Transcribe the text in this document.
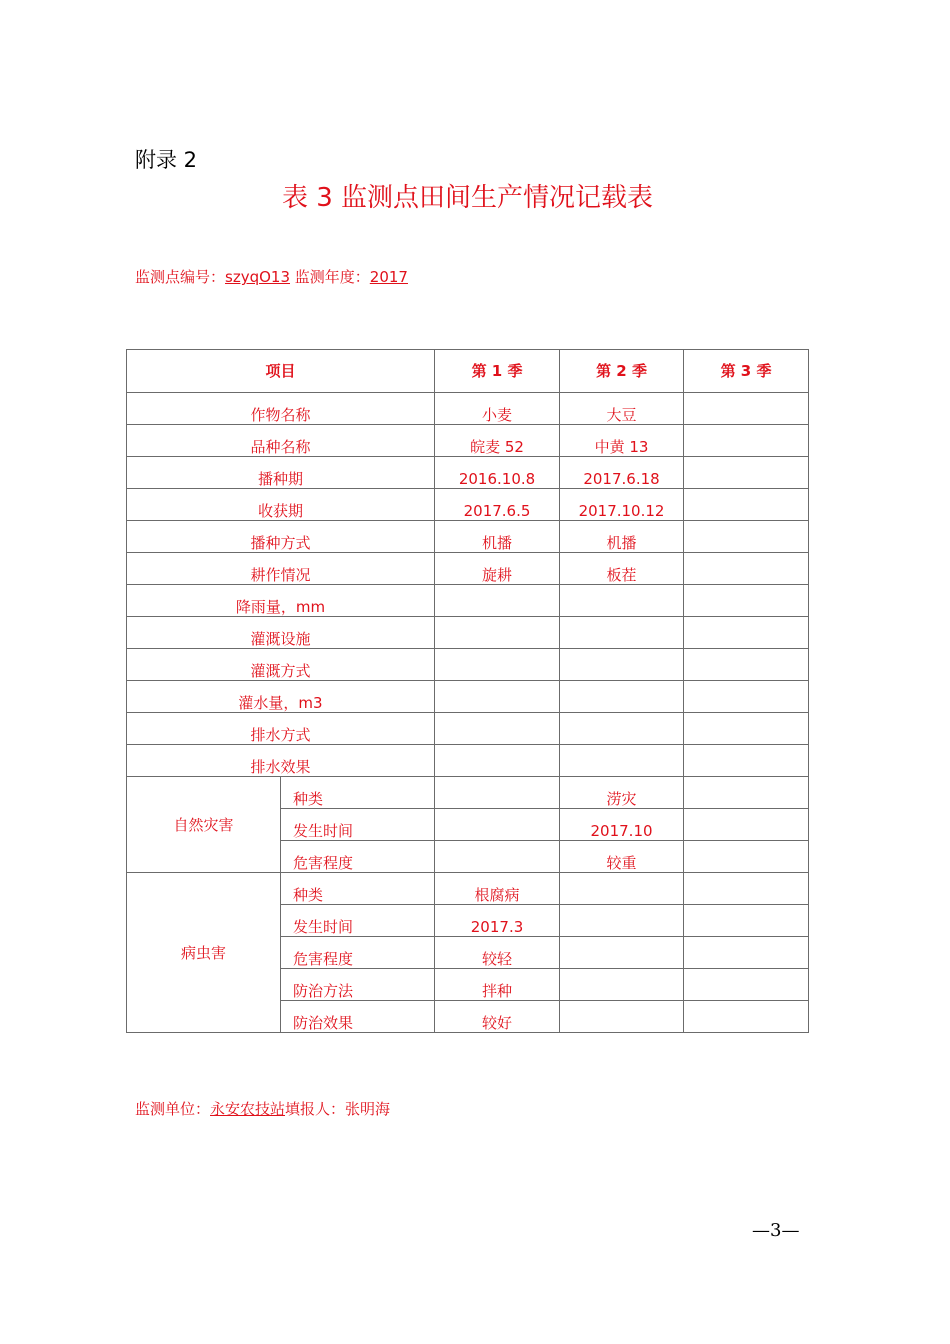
附录 2
表 3 监测点田间生产情况记载表
监测点编号：szyqO13 监测年度：2017
项目		第 1 季	第 2 季	第 3 季
作物名称		小麦	大豆	
品种名称		皖麦 52	中黄 13	
播种期		2016.10.8	2017.6.18	
收获期		2017.6.5	2017.10.12	
播种方式		机播	机播	
耕作情况		旋耕	板茬	
降雨量，mm				
灌溉设施				
灌溉方式				
灌水量，m3				
排水方式				
排水效果				
自然灾害	种类		涝灾	
	发生时间		2017.10	
	危害程度		较重	
病虫害	种类	根腐病		
	发生时间	2017.3		
	危害程度	较轻		
	防治方法	拌种		
	防治效果	较好		
监测单位：永安农技站填报人：张明海
—3—
